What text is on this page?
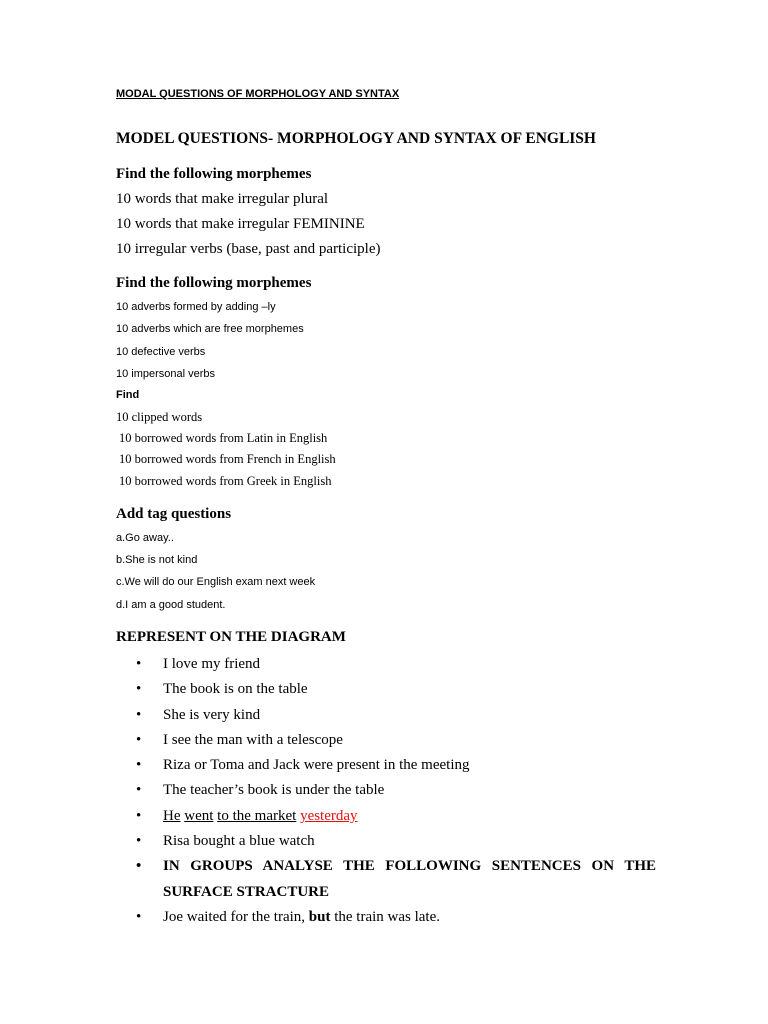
MODAL QUESTIONS OF MORPHOLOGY AND SYNTAX
MODEL QUESTIONS- MORPHOLOGY AND SYNTAX OF ENGLISH
Find the following morphemes
10 words that make irregular plural
10 words that make irregular FEMININE
10 irregular verbs (base, past and participle)
Find the following morphemes
10 adverbs formed by adding –ly
10 adverbs which are free morphemes
10 defective verbs
10 impersonal verbs
Find
10 clipped words
10 borrowed words from Latin in English
10 borrowed words from French in English
10 borrowed words from Greek in English
Add tag questions
a.Go away..
b.She is not kind
c.We will do our English exam next week
d.I am a good student.
REPRESENT ON THE DIAGRAM
• I love my friend
• The book is on the table
• She is very kind
• I see the man with a telescope
• Riza or Toma and Jack were present in the meeting
• The teacher’s book is under the table
• He went to the market yesterday
• Risa bought a blue watch
• IN GROUPS ANALYSE THE FOLLOWING SENTENCES ON THE SURFACE STRACTURE
• Joe waited for the train, but the train was late.
